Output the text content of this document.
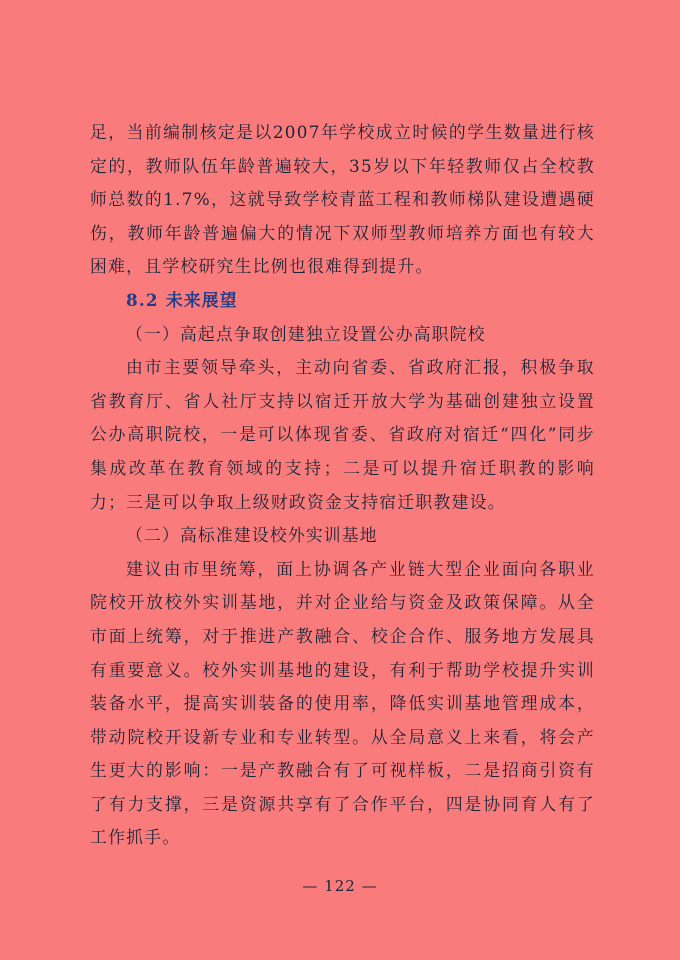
足，当前编制核定是以2007年学校成立时候的学生数量进行核定的，教师队伍年龄普遍较大，35岁以下年轻教师仅占全校教师总数的1.7%，这就导致学校青蓝工程和教师梯队建设遭遇硬伤，教师年龄普遍偏大的情况下双师型教师培养方面也有较大困难，且学校研究生比例也很难得到提升。

8.2 未来展望

（一）高起点争取创建独立设置公办高职院校

由市主要领导牵头，主动向省委、省政府汇报，积极争取省教育厅、省人社厅支持以宿迁开放大学为基础创建独立设置公办高职院校，一是可以体现省委、省政府对宿迁“四化”同步集成改革在教育领域的支持；二是可以提升宿迁职教的影响力；三是可以争取上级财政资金支持宿迁职教建设。

（二）高标准建设校外实训基地

建议由市里统筹，面上协调各产业链大型企业面向各职业院校开放校外实训基地，并对企业给与资金及政策保障。从全市面上统筹，对于推进产教融合、校企合作、服务地方发展具有重要意义。校外实训基地的建设，有利于帮助学校提升实训装备水平，提高实训装备的使用率，降低实训基地管理成本，带动院校开设新专业和专业转型。从全局意义上来看，将会产生更大的影响：一是产教融合有了可视样板，二是招商引资有了有力支撑，三是资源共享有了合作平台，四是协同育人有了工作抓手。

— 122 —
